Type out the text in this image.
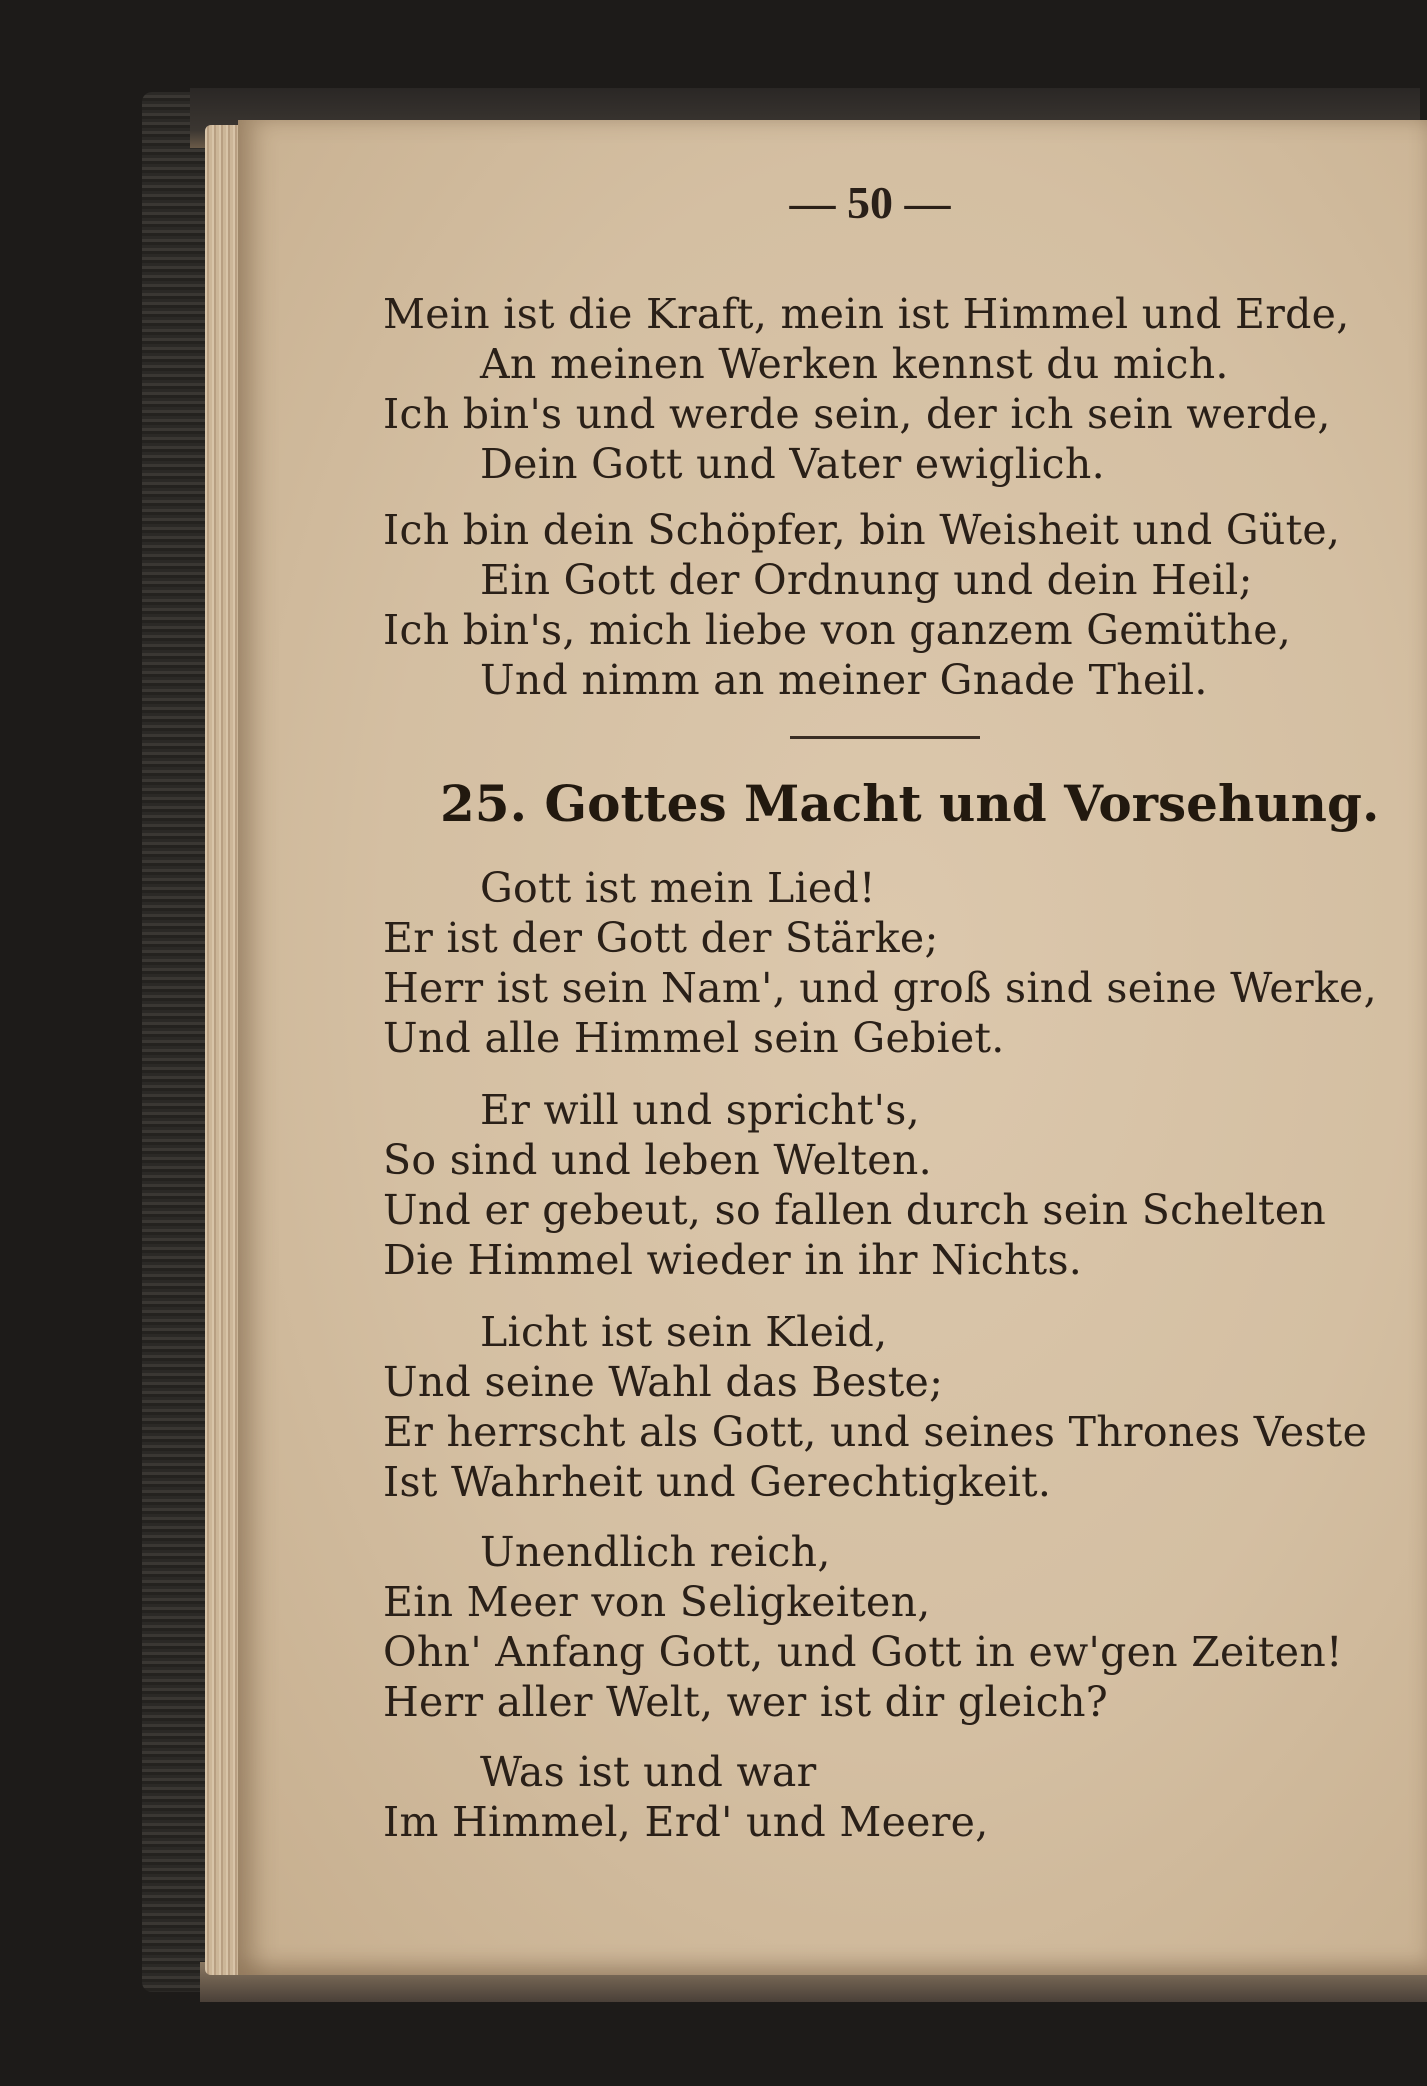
— 50 —
Mein ist die Kraft, mein ist Himmel und Erde,
An meinen Werken kennst du mich.
Ich bin's und werde sein, der ich sein werde,
Dein Gott und Vater ewiglich.
Ich bin dein Schöpfer, bin Weisheit und Güte,
Ein Gott der Ordnung und dein Heil;
Ich bin's, mich liebe von ganzem Gemüthe,
Und nimm an meiner Gnade Theil.
25. Gottes Macht und Vorsehung.
Gott ist mein Lied!
Er ist der Gott der Stärke;
Herr ist sein Nam', und groß sind seine Werke,
Und alle Himmel sein Gebiet.
Er will und spricht's,
So sind und leben Welten.
Und er gebeut, so fallen durch sein Schelten
Die Himmel wieder in ihr Nichts.
Licht ist sein Kleid,
Und seine Wahl das Beste;
Er herrscht als Gott, und seines Thrones Veste
Ist Wahrheit und Gerechtigkeit.
Unendlich reich,
Ein Meer von Seligkeiten,
Ohn' Anfang Gott, und Gott in ew'gen Zeiten!
Herr aller Welt, wer ist dir gleich?
Was ist und war
Im Himmel, Erd' und Meere,
